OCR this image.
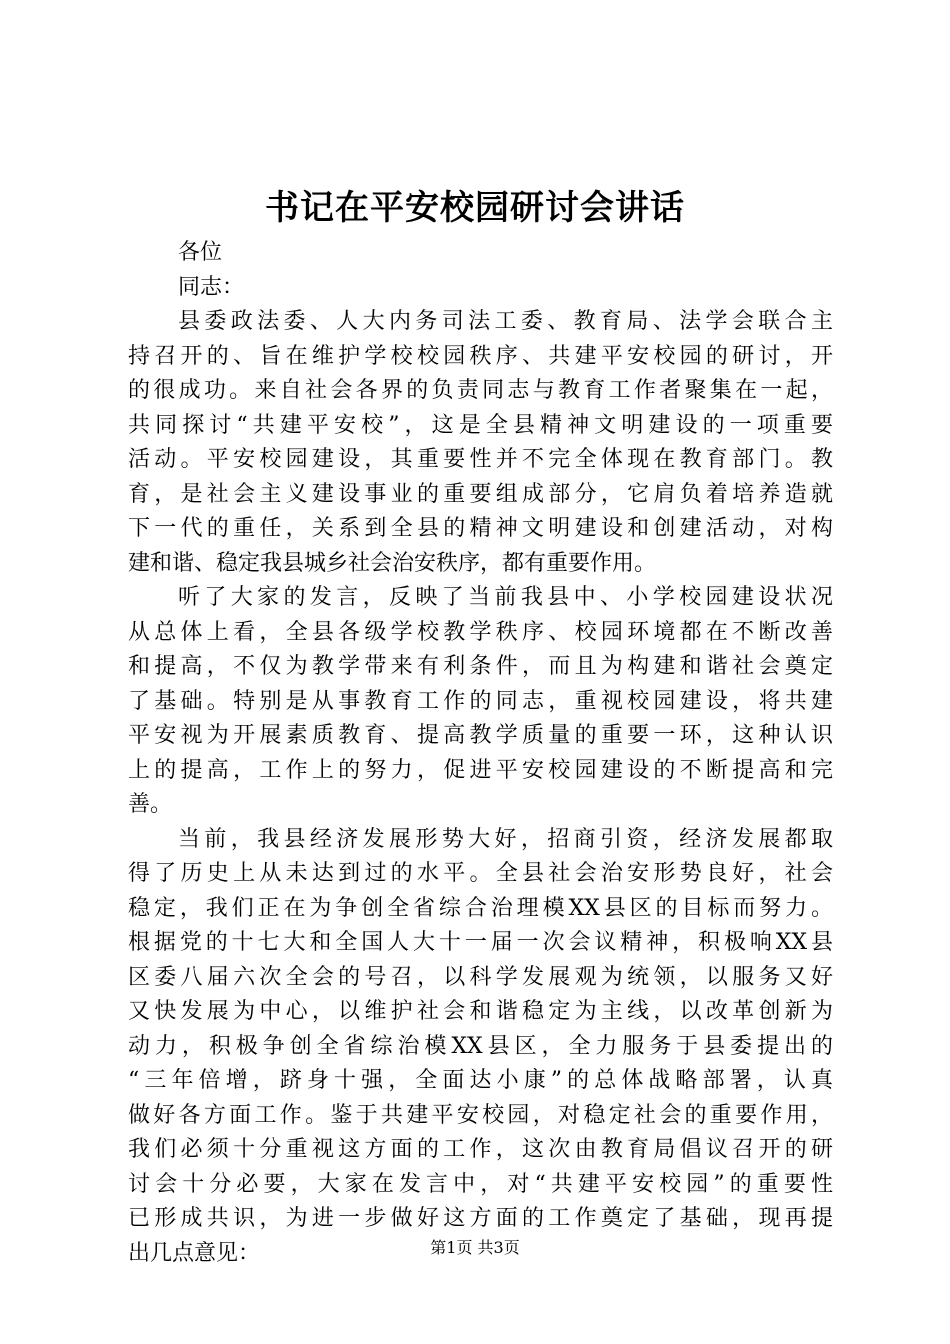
书记在平安校园研讨会讲话
各位
同志：
县委政法委、人大内务司法工委、教育局、法学会联合主
持召开的、旨在维护学校校园秩序、共建平安校园的研讨，开
的很成功。来自社会各界的负责同志与教育工作者聚集在一起，
共同探讨“共建平安校”，这是全县精神文明建设的一项重要
活动。平安校园建设，其重要性并不完全体现在教育部门。教
育，是社会主义建设事业的重要组成部分，它肩负着培养造就
下一代的重任，关系到全县的精神文明建设和创建活动，对构
建和谐、稳定我县城乡社会治安秩序，都有重要作用。
听了大家的发言，反映了当前我县中、小学校园建设状况
从总体上看，全县各级学校教学秩序、校园环境都在不断改善
和提高，不仅为教学带来有利条件，而且为构建和谐社会奠定
了基础。特别是从事教育工作的同志，重视校园建设，将共建
平安视为开展素质教育、提高教学质量的重要一环，这种认识
上的提高，工作上的努力，促进平安校园建设的不断提高和完
善。
当前，我县经济发展形势大好，招商引资，经济发展都取
得了历史上从未达到过的水平。全县社会治安形势良好，社会
稳定，我们正在为争创全省综合治理模XX县区的目标而努力。
根据党的十七大和全国人大十一届一次会议精神，积极响XX县
区委八届六次全会的号召，以科学发展观为统领，以服务又好
又快发展为中心，以维护社会和谐稳定为主线，以改革创新为
动力，积极争创全省综治模XX县区，全力服务于县委提出的
“三年倍增，跻身十强，全面达小康”的总体战略部署，认真
做好各方面工作。鉴于共建平安校园，对稳定社会的重要作用，
我们必须十分重视这方面的工作，这次由教育局倡议召开的研
讨会十分必要，大家在发言中，对“共建平安校园”的重要性
已形成共识，为进一步做好这方面的工作奠定了基础，现再提
出几点意见：	第1页 共3页
